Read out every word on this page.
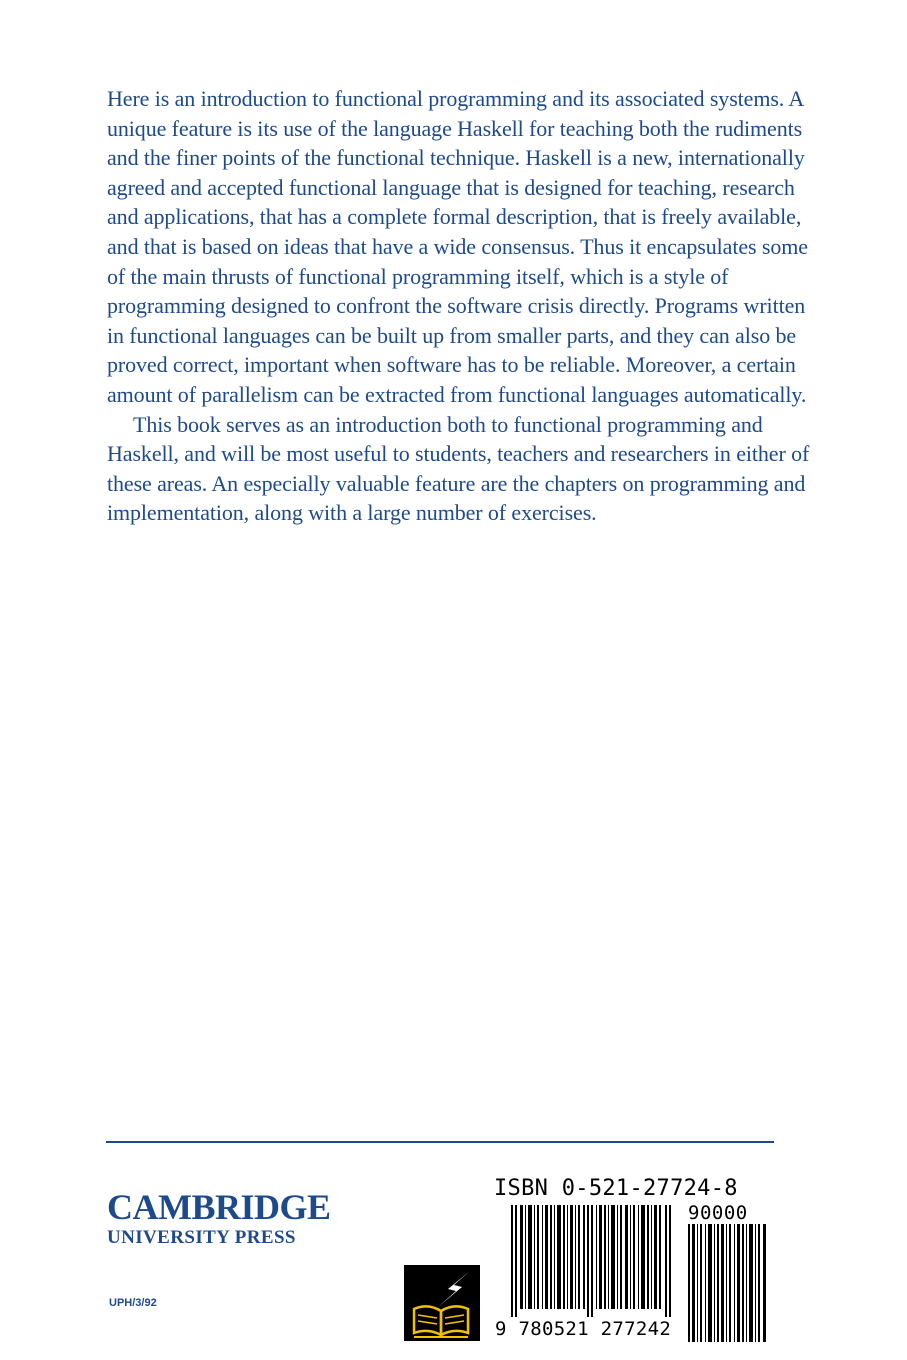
Here is an introduction to functional programming and its associated systems. A unique feature is its use of the language Haskell for teaching both the rudiments and the finer points of the functional technique. Haskell is a new, internationally agreed and accepted functional language that is designed for teaching, research and applications, that has a complete formal description, that is freely available, and that is based on ideas that have a wide consensus. Thus it encapsulates some of the main thrusts of functional programming itself, which is a style of programming designed to confront the software crisis directly. Programs written in functional languages can be built up from smaller parts, and they can also be proved correct, important when software has to be reliable. Moreover, a certain amount of parallelism can be extracted from functional languages automatically.

This book serves as an introduction both to functional programming and Haskell, and will be most useful to students, teachers and researchers in either of these areas. An especially valuable feature are the chapters on programming and implementation, along with a large number of exercises.

CAMBRIDGE
UNIVERSITY PRESS
UPH/3/92
ISBN 0-521-27724-8
90000
9 780521 277242
